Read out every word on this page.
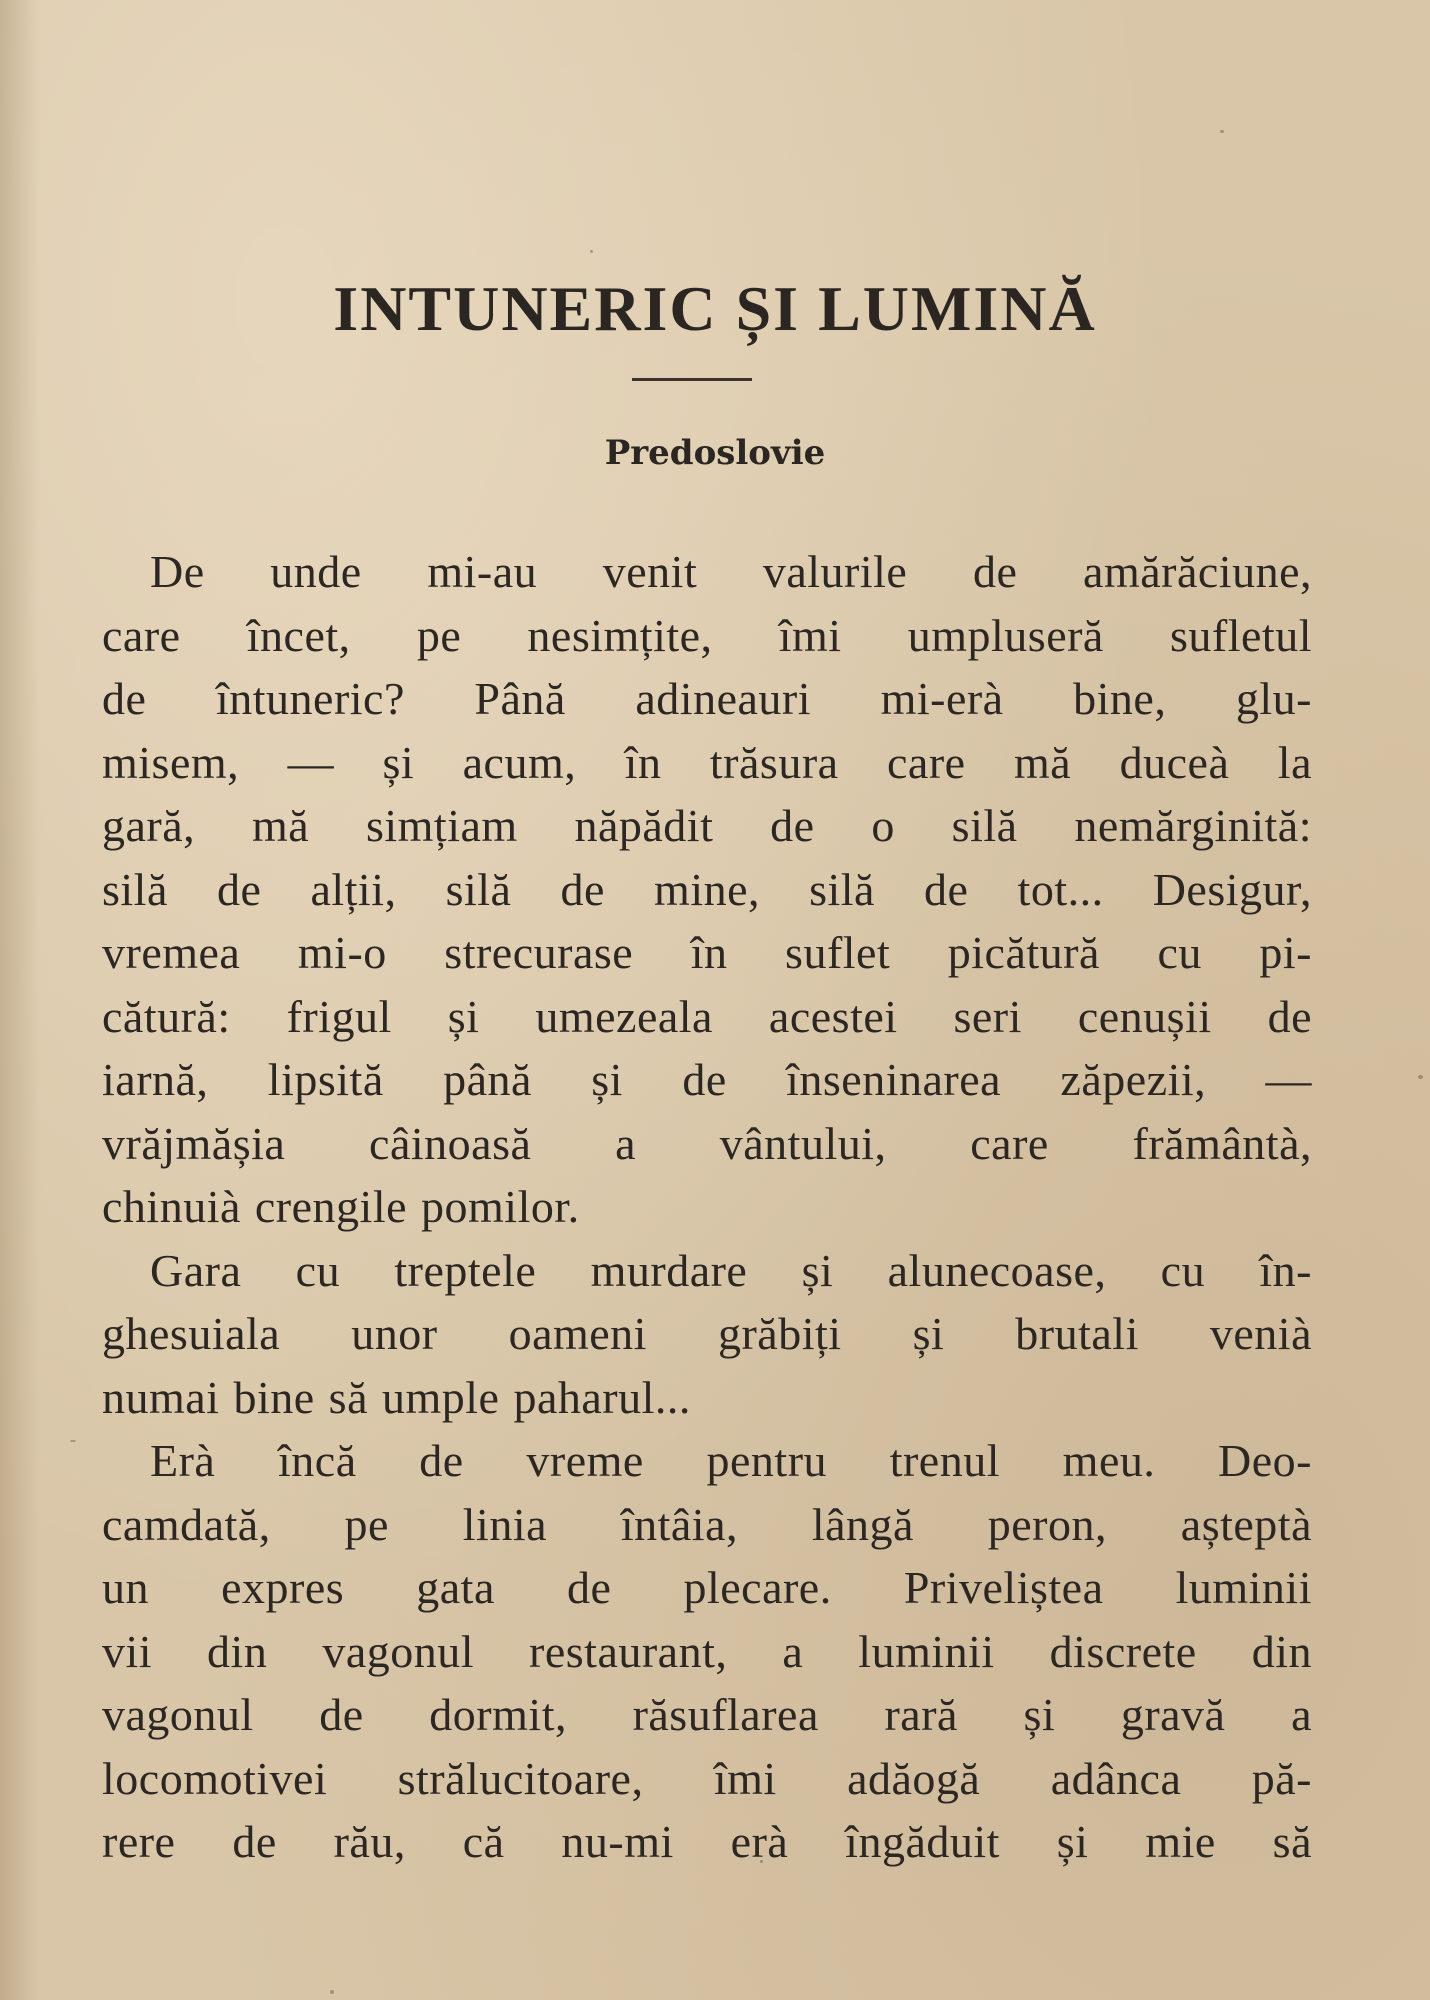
INTUNERIC ȘI LUMINĂ
Predoslovie
De unde mi-au venit valurile de amărăciune,
care încet, pe nesimțite, îmi umpluseră sufletul
de întuneric? Până adineauri mi-erà bine, glu-
misem, — și acum, în trăsura care mă duceà la
gară, mă simțiam năpădit de o silă nemărginită:
silă de alții, silă de mine, silă de tot... Desigur,
vremea mi-o strecurase în suflet picătură cu pi-
cătură: frigul și umezeala acestei seri cenușii de
iarnă, lipsită până și de înseninarea zăpezii, —
vrăjmășia câinoasă a vântului, care frământà,
chinuià crengile pomilor.
Gara cu treptele murdare și alunecoase, cu în-
ghesuiala unor oameni grăbiți și brutali venià
numai bine să umple paharul...
Erà încă de vreme pentru trenul meu. Deo-
camdată, pe linia întâia, lângă peron, așteptà
un expres gata de plecare. Priveliștea luminii
vii din vagonul restaurant, a luminii discrete din
vagonul de dormit, răsuflarea rară și gravă a
locomotivei strălucitoare, îmi adăogă adânca pă-
rere de rău, că nu-mi erà îngăduit și mie să
